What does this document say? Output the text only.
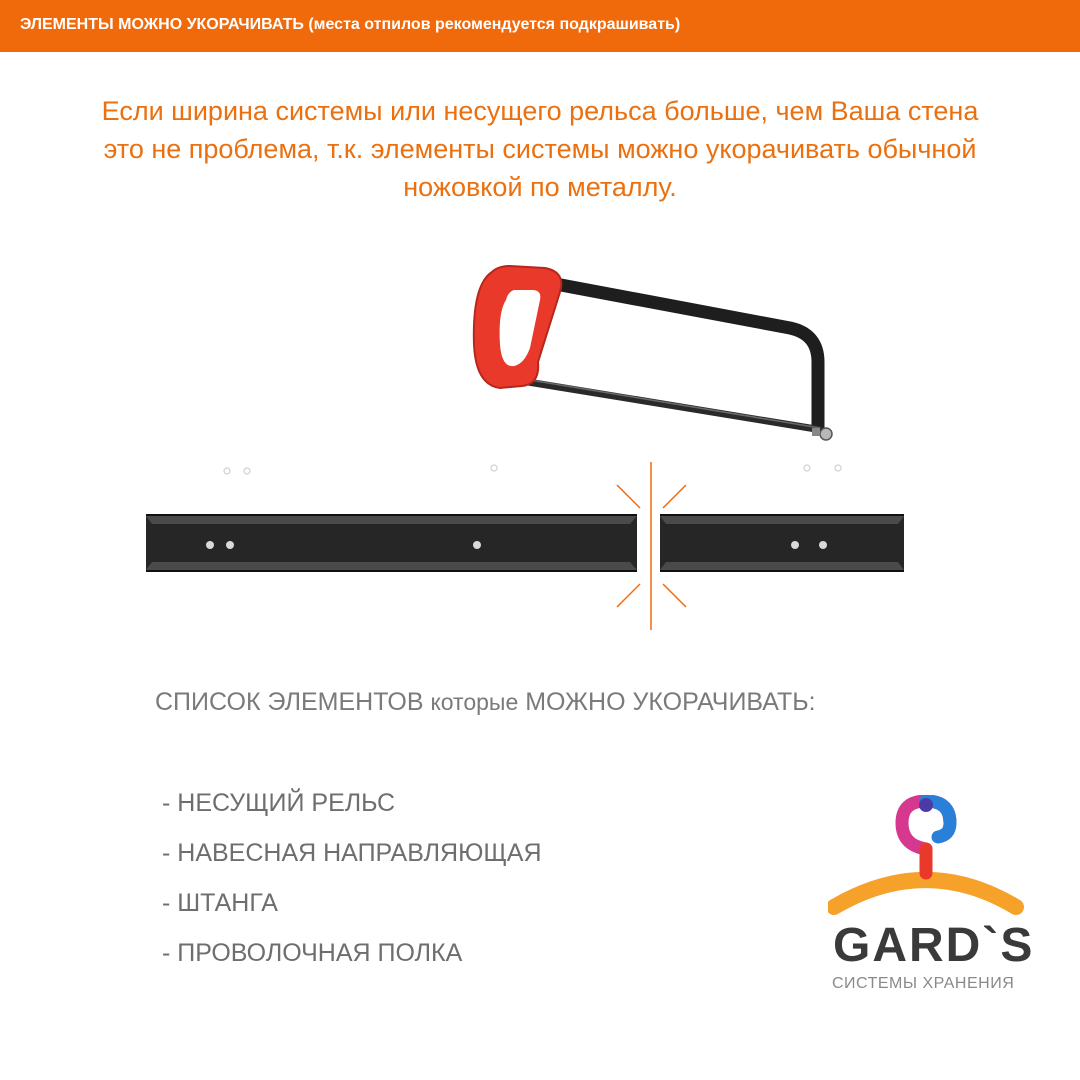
ЭЛЕМЕНТЫ МОЖНО УКОРАЧИВАТЬ (места отпилов рекомендуется подкрашивать)
Если ширина системы или несущего рельса больше, чем Ваша стена
это не проблема, т.к. элементы системы можно укорачивать обычной
ножовкой по металлу.
СПИСОК ЭЛЕМЕНТОВ которые МОЖНО УКОРАЧИВАТЬ:
- НЕСУЩИЙ РЕЛЬС
- НАВЕСНАЯ НАПРАВЛЯЮЩАЯ
- ШТАНГА
- ПРОВОЛОЧНАЯ ПОЛКА	GARD`S
СИСТЕМЫ ХРАНЕНИЯ
